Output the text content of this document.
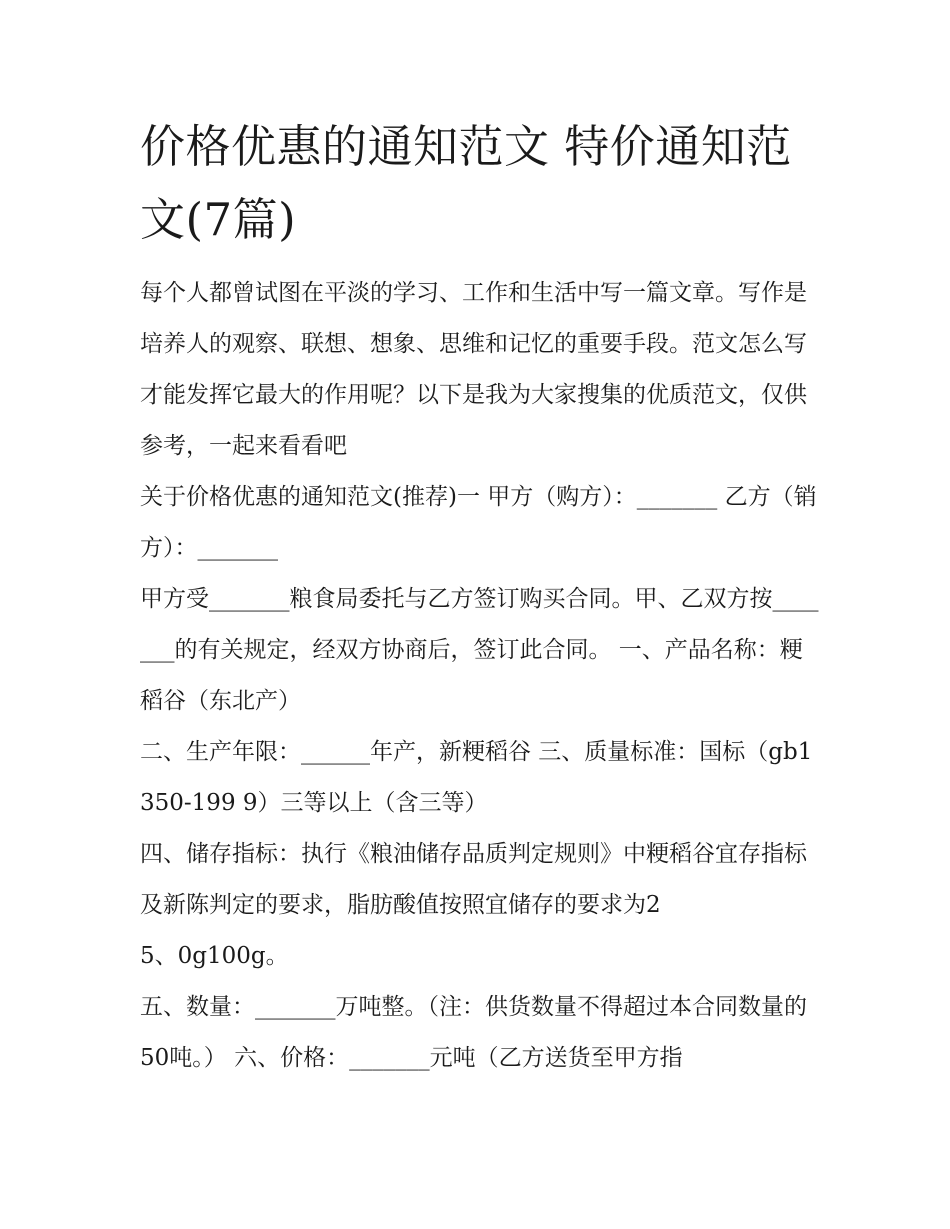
价格优惠的通知范文 特价通知范文(7篇)

每个人都曾试图在平淡的学习、工作和生活中写一篇文章。写作是培养人的观察、联想、想象、思维和记忆的重要手段。范文怎么写才能发挥它最大的作用呢？以下是我为大家搜集的优质范文，仅供参考，一起来看看吧

关于价格优惠的通知范文(推荐)一 甲方（购方）：_______ 乙方（销方）：_______

甲方受_______粮食局委托与乙方签订购买合同。甲、乙双方按_______的有关规定，经双方协商后，签订此合同。 一、产品名称：粳稻谷（东北产）

二、生产年限：______年产，新粳稻谷 三、质量标准：国标（gb1350-199 9）三等以上（含三等）

四、储存指标：执行《粮油储存品质判定规则》中粳稻谷宜存指标及新陈判定的要求，脂肪酸值按照宜储存的要求为2
5、0g100g。

五、数量：_______万吨整。（注：供货数量不得超过本合同数量的50吨。） 六、价格：_______元吨（乙方送货至甲方指
